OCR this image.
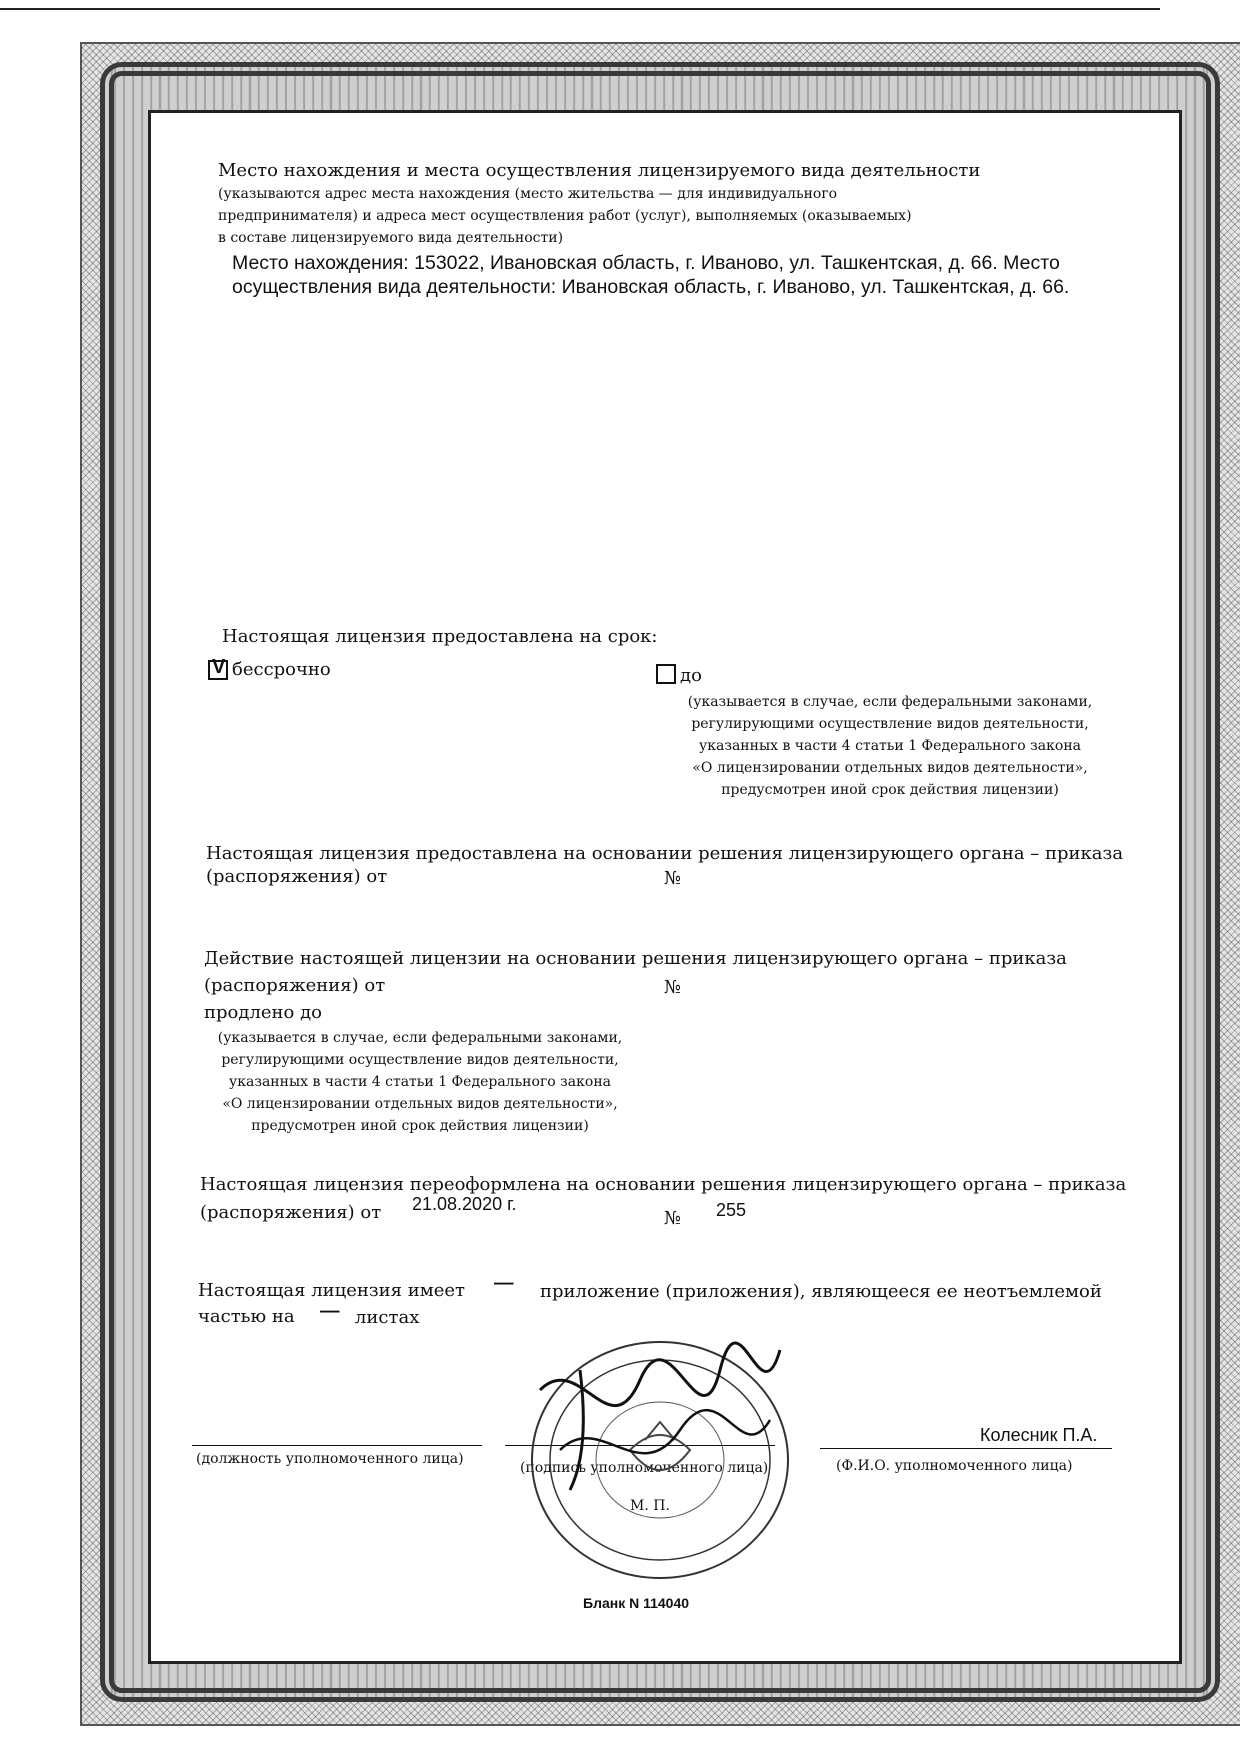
Место нахождения и места осуществления лицензируемого вида деятельности
(указываются адрес места нахождения (место жительства — для индивидуального
предпринимателя) и адреса мест осуществления работ (услуг), выполняемых (оказываемых)
в составе лицензируемого вида деятельности)
Место нахождения: 153022, Ивановская область, г. Иваново, ул. Ташкентская, д. 66. Место
осуществления вида деятельности: Ивановская область, г. Иваново, ул. Ташкентская, д. 66.
Настоящая лицензия предоставлена на срок:
V бессрочно	до
(указывается в случае, если федеральными законами,
регулирующими осуществление видов деятельности,
указанных в части 4 статьи 1 Федерального закона
«О лицензировании отдельных видов деятельности»,
предусмотрен иной срок действия лицензии)
Настоящая лицензия предоставлена на основании решения лицензирующего органа – приказа
(распоряжения) от	№
Действие настоящей лицензии на основании решения лицензирующего органа – приказа
(распоряжения) от	№
продлено до
(указывается в случае, если федеральными законами,
регулирующими осуществление видов деятельности,
указанных в части 4 статьи 1 Федерального закона
«О лицензировании отдельных видов деятельности»,
предусмотрен иной срок действия лицензии)
Настоящая лицензия переоформлена на основании решения лицензирующего органа – приказа
(распоряжения) от 21.08.2020 г.
№ 255
Настоящая лицензия имеет — приложение (приложения), являющееся ее неотъемлемой
частью на — листах
(должность уполномоченного лица)
(подпись уполномоченного лица)
М. П.
Колесник П.А.
(Ф.И.О. уполномоченного лица)
Бланк N 114040
